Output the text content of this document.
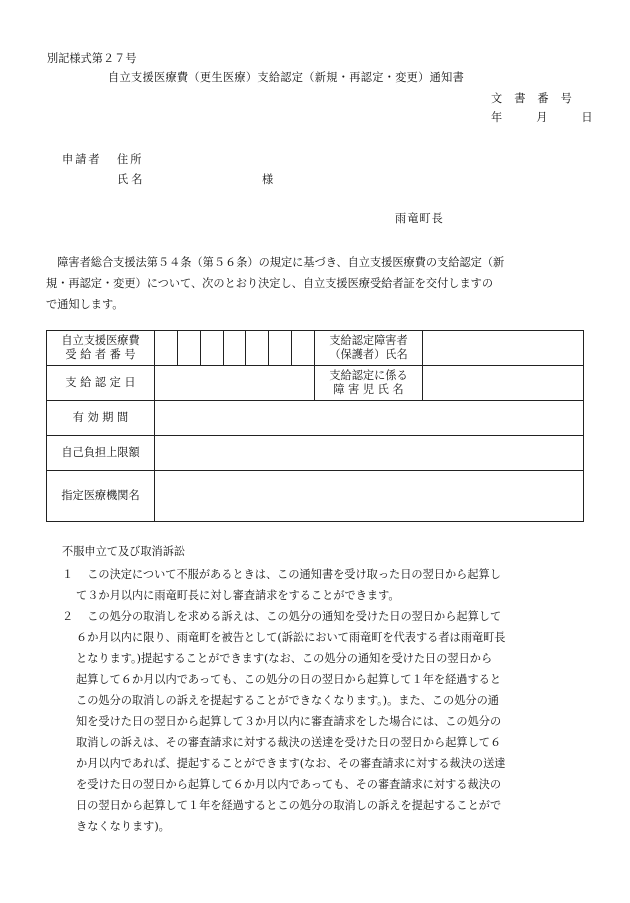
別記様式第２７号
自立支援医療費（更生医療）支給認定（新規・再認定・変更）通知書
文書番号
年	月	日
申請者 住所
氏名	様
雨竜町長
　障害者総合支援法第５４条（第５６条）の規定に基づき、自立支援医療費の支給認定（新
規・再認定・変更）について、次のとおり決定し、自立支援医療受給者証を交付しますの
で通知します。
自立支援医療費
受 給 者 番 号		支給認定障害者
（保護者）氏名	

支 給 認 定 日		支給認定に係る
障 害 児 氏 名	

有 効 期 間			
自己負担上限額			
指定医療機関名			
不服申立て及び取消訴訟
１ 　この決定について不服があるときは、この通知書を受け取った日の翌日から起算し
て３か月以内に雨竜町長に対し審査請求をすることができます。
２ 　この処分の取消しを求める訴えは、この処分の通知を受けた日の翌日から起算して
６か月以内に限り、雨竜町を被告として(訴訟において雨竜町を代表する者は雨竜町長
となります。)提起することができます(なお、この処分の通知を受けた日の翌日から
起算して６か月以内であっても、この処分の日の翌日から起算して１年を経過すると
この処分の取消しの訴えを提起することができなくなります。)。また、この処分の通
知を受けた日の翌日から起算して３か月以内に審査請求をした場合には、この処分の
取消しの訴えは、その審査請求に対する裁決の送達を受けた日の翌日から起算して６
か月以内であれば、提起することができます(なお、その審査請求に対する裁決の送達
を受けた日の翌日から起算して６か月以内であっても、その審査請求に対する裁決の
日の翌日から起算して１年を経過するとこの処分の取消しの訴えを提起することがで
きなくなります)。
